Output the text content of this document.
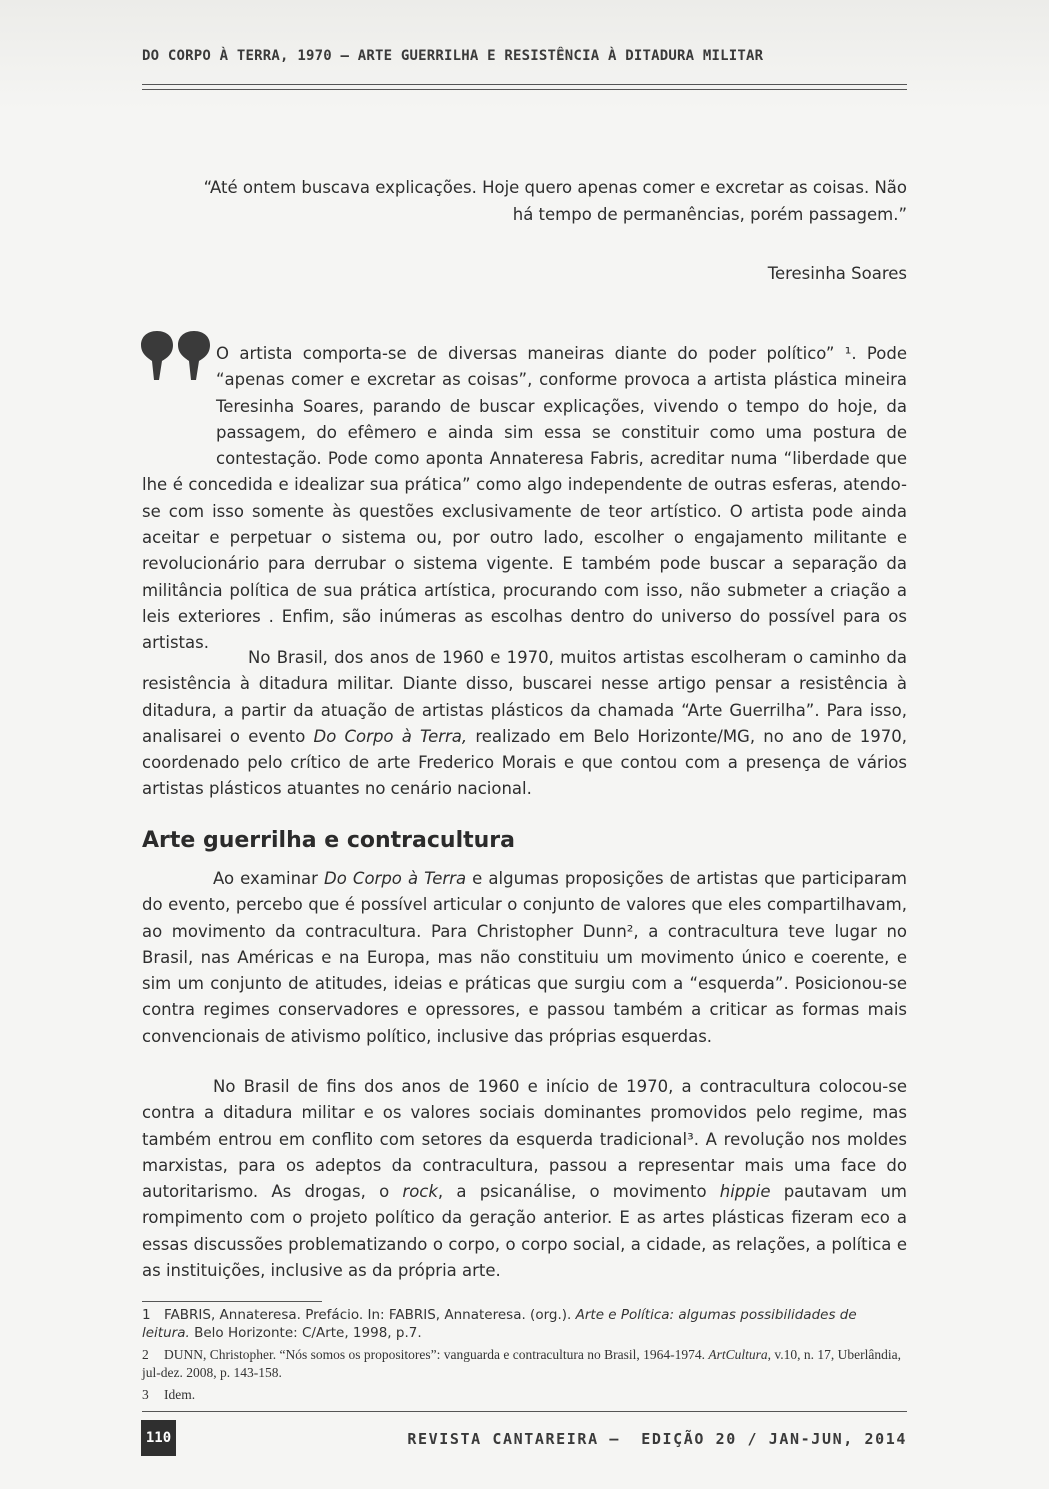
DO CORPO À TERRA, 1970 – ARTE GUERRILHA E RESISTÊNCIA À DITADURA MILITAR
“Até ontem buscava explicações. Hoje quero apenas comer e excretar as coisas. Não há tempo de permanências, porém passagem.”
Teresinha Soares

O artista comporta-se de diversas maneiras diante do poder político” ¹. Pode “apenas comer e excretar as coisas”, conforme provoca a artista plástica mineira Teresinha Soares, parando de buscar explicações, vivendo o tempo do hoje, da passagem, do efêmero e ainda sim essa se constituir como uma postura de contestação. Pode como aponta Annateresa Fabris, acreditar numa “liberdade que lhe é concedida e idealizar sua prática” como algo independente de outras esferas, atendo-se com isso somente às questões exclusivamente de teor artístico. O artista pode ainda aceitar e perpetuar o sistema ou, por outro lado, escolher o engajamento militante e revolucionário para derrubar o sistema vigente. E também pode buscar a separação da militância política de sua prática artística, procurando com isso, não submeter a criação a leis exteriores . Enfim, são inúmeras as escolhas dentro do universo do possível para os artistas.

No Brasil, dos anos de 1960 e 1970, muitos artistas escolheram o caminho da resistência à ditadura militar. Diante disso, buscarei nesse artigo pensar a resistência à ditadura, a partir da atuação de artistas plásticos da chamada “Arte Guerrilha”. Para isso, analisarei o evento Do Corpo à Terra, realizado em Belo Horizonte/MG, no ano de 1970, coordenado pelo crítico de arte Frederico Morais e que contou com a presença de vários artistas plásticos atuantes no cenário nacional.

Arte guerrilha e contracultura

Ao examinar Do Corpo à Terra e algumas proposições de artistas que participaram do evento, percebo que é possível articular o conjunto de valores que eles compartilhavam, ao movimento da contracultura. Para Christopher Dunn², a contracultura teve lugar no Brasil, nas Américas e na Europa, mas não constituiu um movimento único e coerente, e sim um conjunto de atitudes, ideias e práticas que surgiu com a “esquerda”. Posicionou-se contra regimes conservadores e opressores, e passou também a criticar as formas mais convencionais de ativismo político, inclusive das próprias esquerdas.

No Brasil de fins dos anos de 1960 e início de 1970, a contracultura colocou-se contra a ditadura militar e os valores sociais dominantes promovidos pelo regime, mas também entrou em conflito com setores da esquerda tradicional³. A revolução nos moldes marxistas, para os adeptos da contracultura, passou a representar mais uma face do autoritarismo. As drogas, o rock, a psicanálise, o movimento hippie pautavam um rompimento com o projeto político da geração anterior. E as artes plásticas fizeram eco a essas discussões problematizando o corpo, o corpo social, a cidade, as relações, a política e as instituições, inclusive as da própria arte.

1 FABRIS, Annateresa. Prefácio. In: FABRIS, Annateresa. (org.). Arte e Política: algumas possibilidades de leitura. Belo Horizonte: C/Arte, 1998, p.7.
2 DUNN, Christopher. “Nós somos os propositores”: vanguarda e contracultura no Brasil, 1964-1974. ArtCultura, v.10, n. 17, Uberlândia, jul-dez. 2008, p. 143-158.
3 Idem.
110	REVISTA CANTAREIRA –  EDIÇÃO 20 / JAN-JUN, 2014
